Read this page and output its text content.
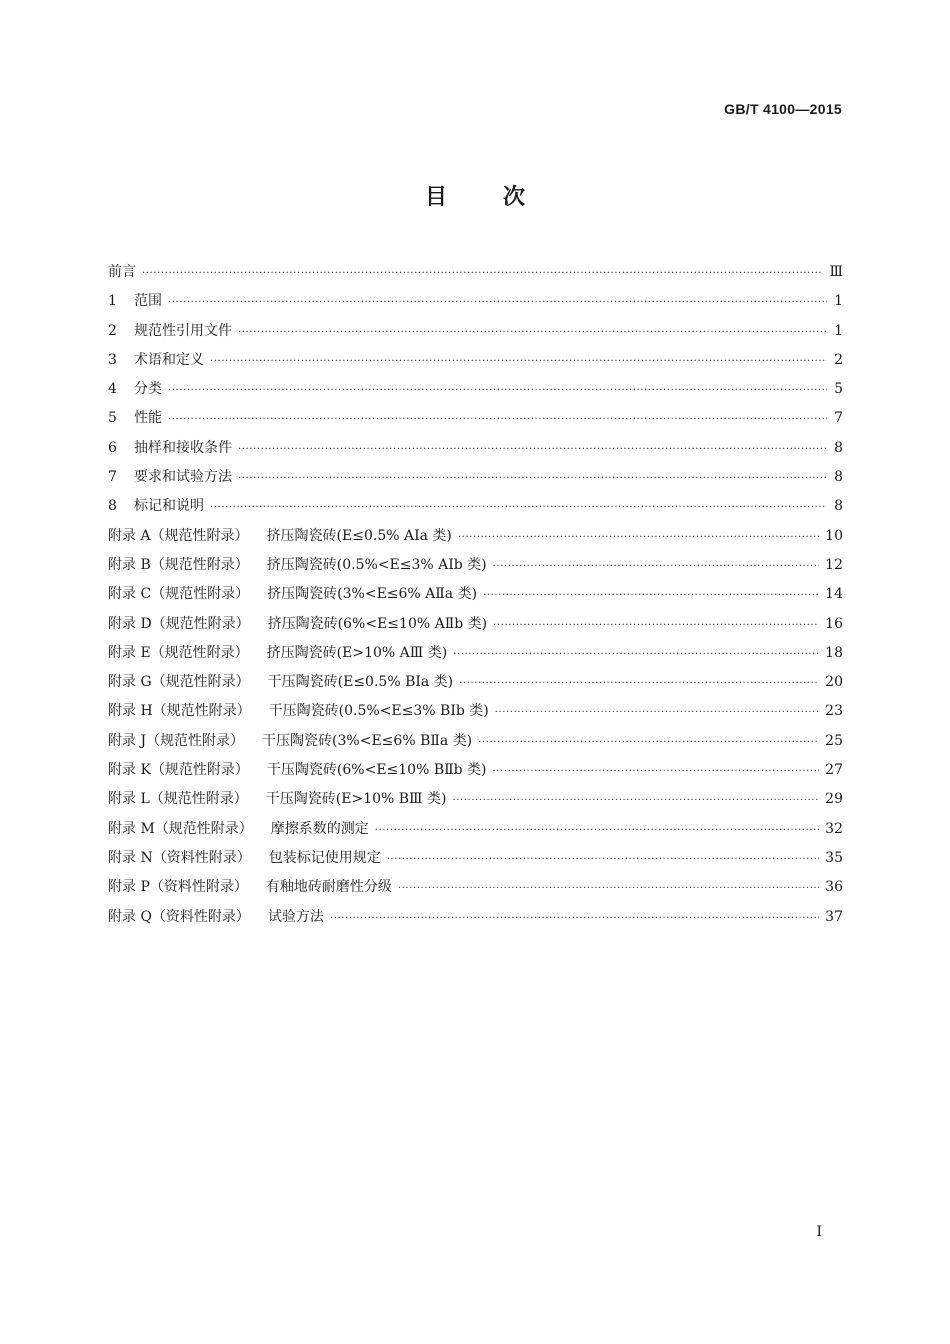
GB/T 4100—2015
目	次
前言 ·····	Ⅲ
1 范围 ·····	1
2 规范性引用文件 ·····	1
3 术语和定义 ·····	2
4 分类 ·····	5
5 性能 ·····	7
6 抽样和接收条件 ·····	8
7 要求和试验方法 ·····	8
8 标记和说明 ·····	8
附录 A（规范性附录） 挤压陶瓷砖(E≤0.5% AⅠa 类) ·····	10
附录 B（规范性附录） 挤压陶瓷砖(0.5%<E≤3% AⅠb 类) ·····	12
附录 C（规范性附录） 挤压陶瓷砖(3%<E≤6% AⅡa 类) ·····	14
附录 D（规范性附录） 挤压陶瓷砖(6%<E≤10% AⅡb 类) ·····	16
附录 E（规范性附录） 挤压陶瓷砖(E>10% AⅢ 类) ·····	18
附录 G（规范性附录） 干压陶瓷砖(E≤0.5% BⅠa 类) ·····	20
附录 H（规范性附录） 干压陶瓷砖(0.5%<E≤3% BⅠb 类) ·····	23
附录 J（规范性附录） 干压陶瓷砖(3%<E≤6% BⅡa 类) ·····	25
附录 K（规范性附录） 干压陶瓷砖(6%<E≤10% BⅡb 类) ·····	27
附录 L（规范性附录） 干压陶瓷砖(E>10% BⅢ 类) ·····	29
附录 M（规范性附录） 摩擦系数的测定 ·····	32
附录 N（资料性附录） 包装标记使用规定 ·····	35
附录 P（资料性附录） 有釉地砖耐磨性分级 ·····	36
附录 Q（资料性附录） 试验方法 ·····	37
I
